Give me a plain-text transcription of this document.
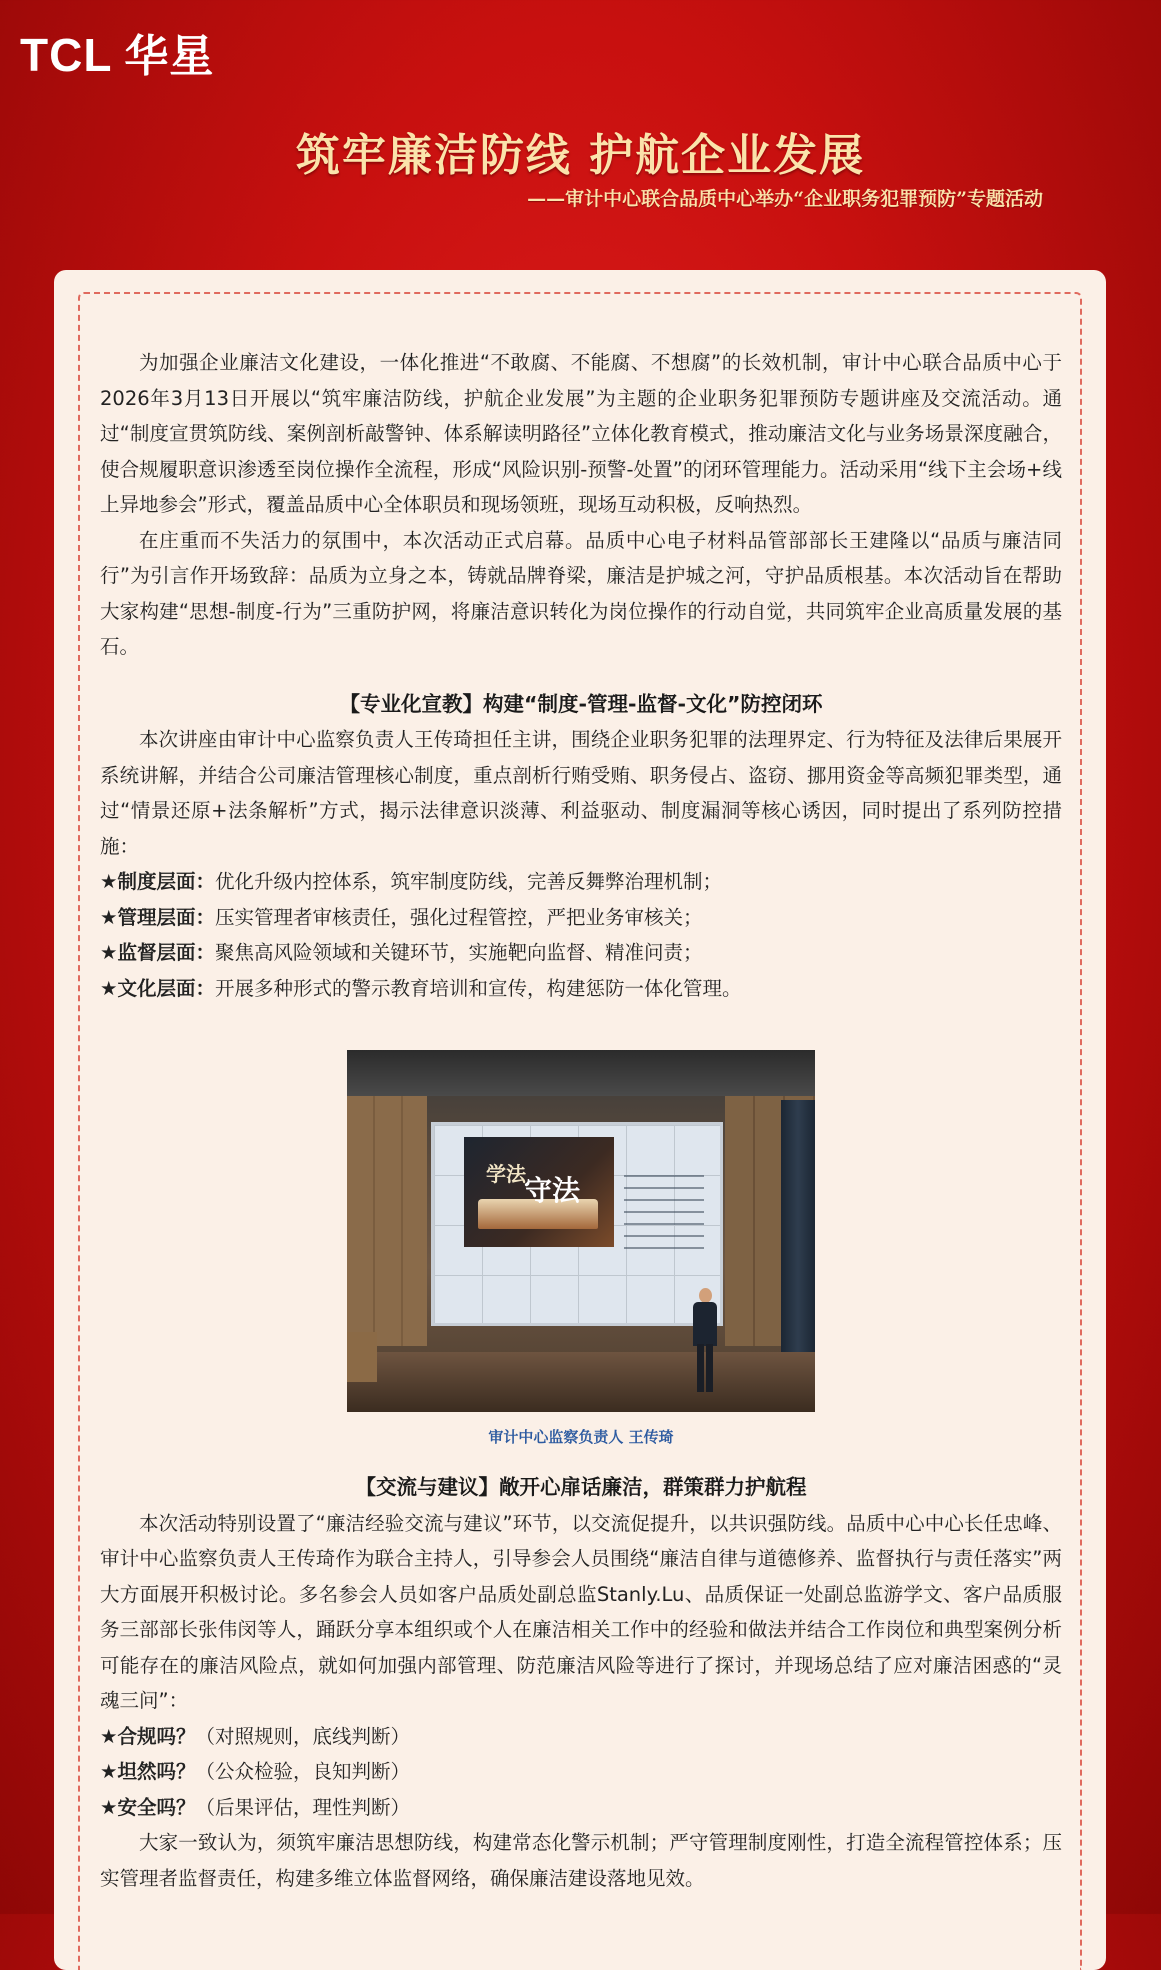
TCL 华星
筑牢廉洁防线 护航企业发展
——审计中心联合品质中心举办“企业职务犯罪预防”专题活动

为加强企业廉洁文化建设，一体化推进“不敢腐、不能腐、不想腐”的长效机制，审计中心联合品质中心于2026年3月13日开展以“筑牢廉洁防线，护航企业发展”为主题的企业职务犯罪预防专题讲座及交流活动。通过“制度宣贯筑防线、案例剖析敲警钟、体系解读明路径”立体化教育模式，推动廉洁文化与业务场景深度融合，使合规履职意识渗透至岗位操作全流程，形成“风险识别-预警-处置”的闭环管理能力。活动采用“线下主会场+线上异地参会”形式，覆盖品质中心全体职员和现场领班，现场互动积极，反响热烈。

在庄重而不失活力的氛围中，本次活动正式启幕。品质中心电子材料品管部部长王建隆以“品质与廉洁同行”为引言作开场致辞：品质为立身之本，铸就品牌脊梁，廉洁是护城之河，守护品质根基。本次活动旨在帮助大家构建“思想-制度-行为”三重防护网，将廉洁意识转化为岗位操作的行动自觉，共同筑牢企业高质量发展的基石。

【专业化宣教】构建“制度-管理-监督-文化”防控闭环

本次讲座由审计中心监察负责人王传琦担任主讲，围绕企业职务犯罪的法理界定、行为特征及法律后果展开系统讲解，并结合公司廉洁管理核心制度，重点剖析行贿受贿、职务侵占、盗窃、挪用资金等高频犯罪类型，通过“情景还原+法条解析”方式，揭示法律意识淡薄、利益驱动、制度漏洞等核心诱因，同时提出了系列防控措施：

★制度层面：优化升级内控体系，筑牢制度防线，完善反舞弊治理机制；

★管理层面：压实管理者审核责任，强化过程管控，严把业务审核关；

★监督层面：聚焦高风险领域和关键环节，实施靶向监督、精准问责；

★文化层面：开展多种形式的警示教育培训和宣传，构建惩防一体化管理。

学法
守法

审计中心监察负责人 王传琦

【交流与建议】敞开心扉话廉洁，群策群力护航程

本次活动特别设置了“廉洁经验交流与建议”环节，以交流促提升，以共识强防线。品质中心中心长任忠峰、审计中心监察负责人王传琦作为联合主持人，引导参会人员围绕“廉洁自律与道德修养、监督执行与责任落实”两大方面展开积极讨论。多名参会人员如客户品质处副总监Stanly.Lu、品质保证一处副总监游学文、客户品质服务三部部长张伟闵等人，踊跃分享本组织或个人在廉洁相关工作中的经验和做法并结合工作岗位和典型案例分析可能存在的廉洁风险点，就如何加强内部管理、防范廉洁风险等进行了探讨，并现场总结了应对廉洁困惑的“灵魂三问”：

★合规吗？（对照规则，底线判断）

★坦然吗？（公众检验，良知判断）

★安全吗？（后果评估，理性判断）

大家一致认为，须筑牢廉洁思想防线，构建常态化警示机制；严守管理制度刚性，打造全流程管控体系；压实管理者监督责任，构建多维立体监督网络，确保廉洁建设落地见效。
